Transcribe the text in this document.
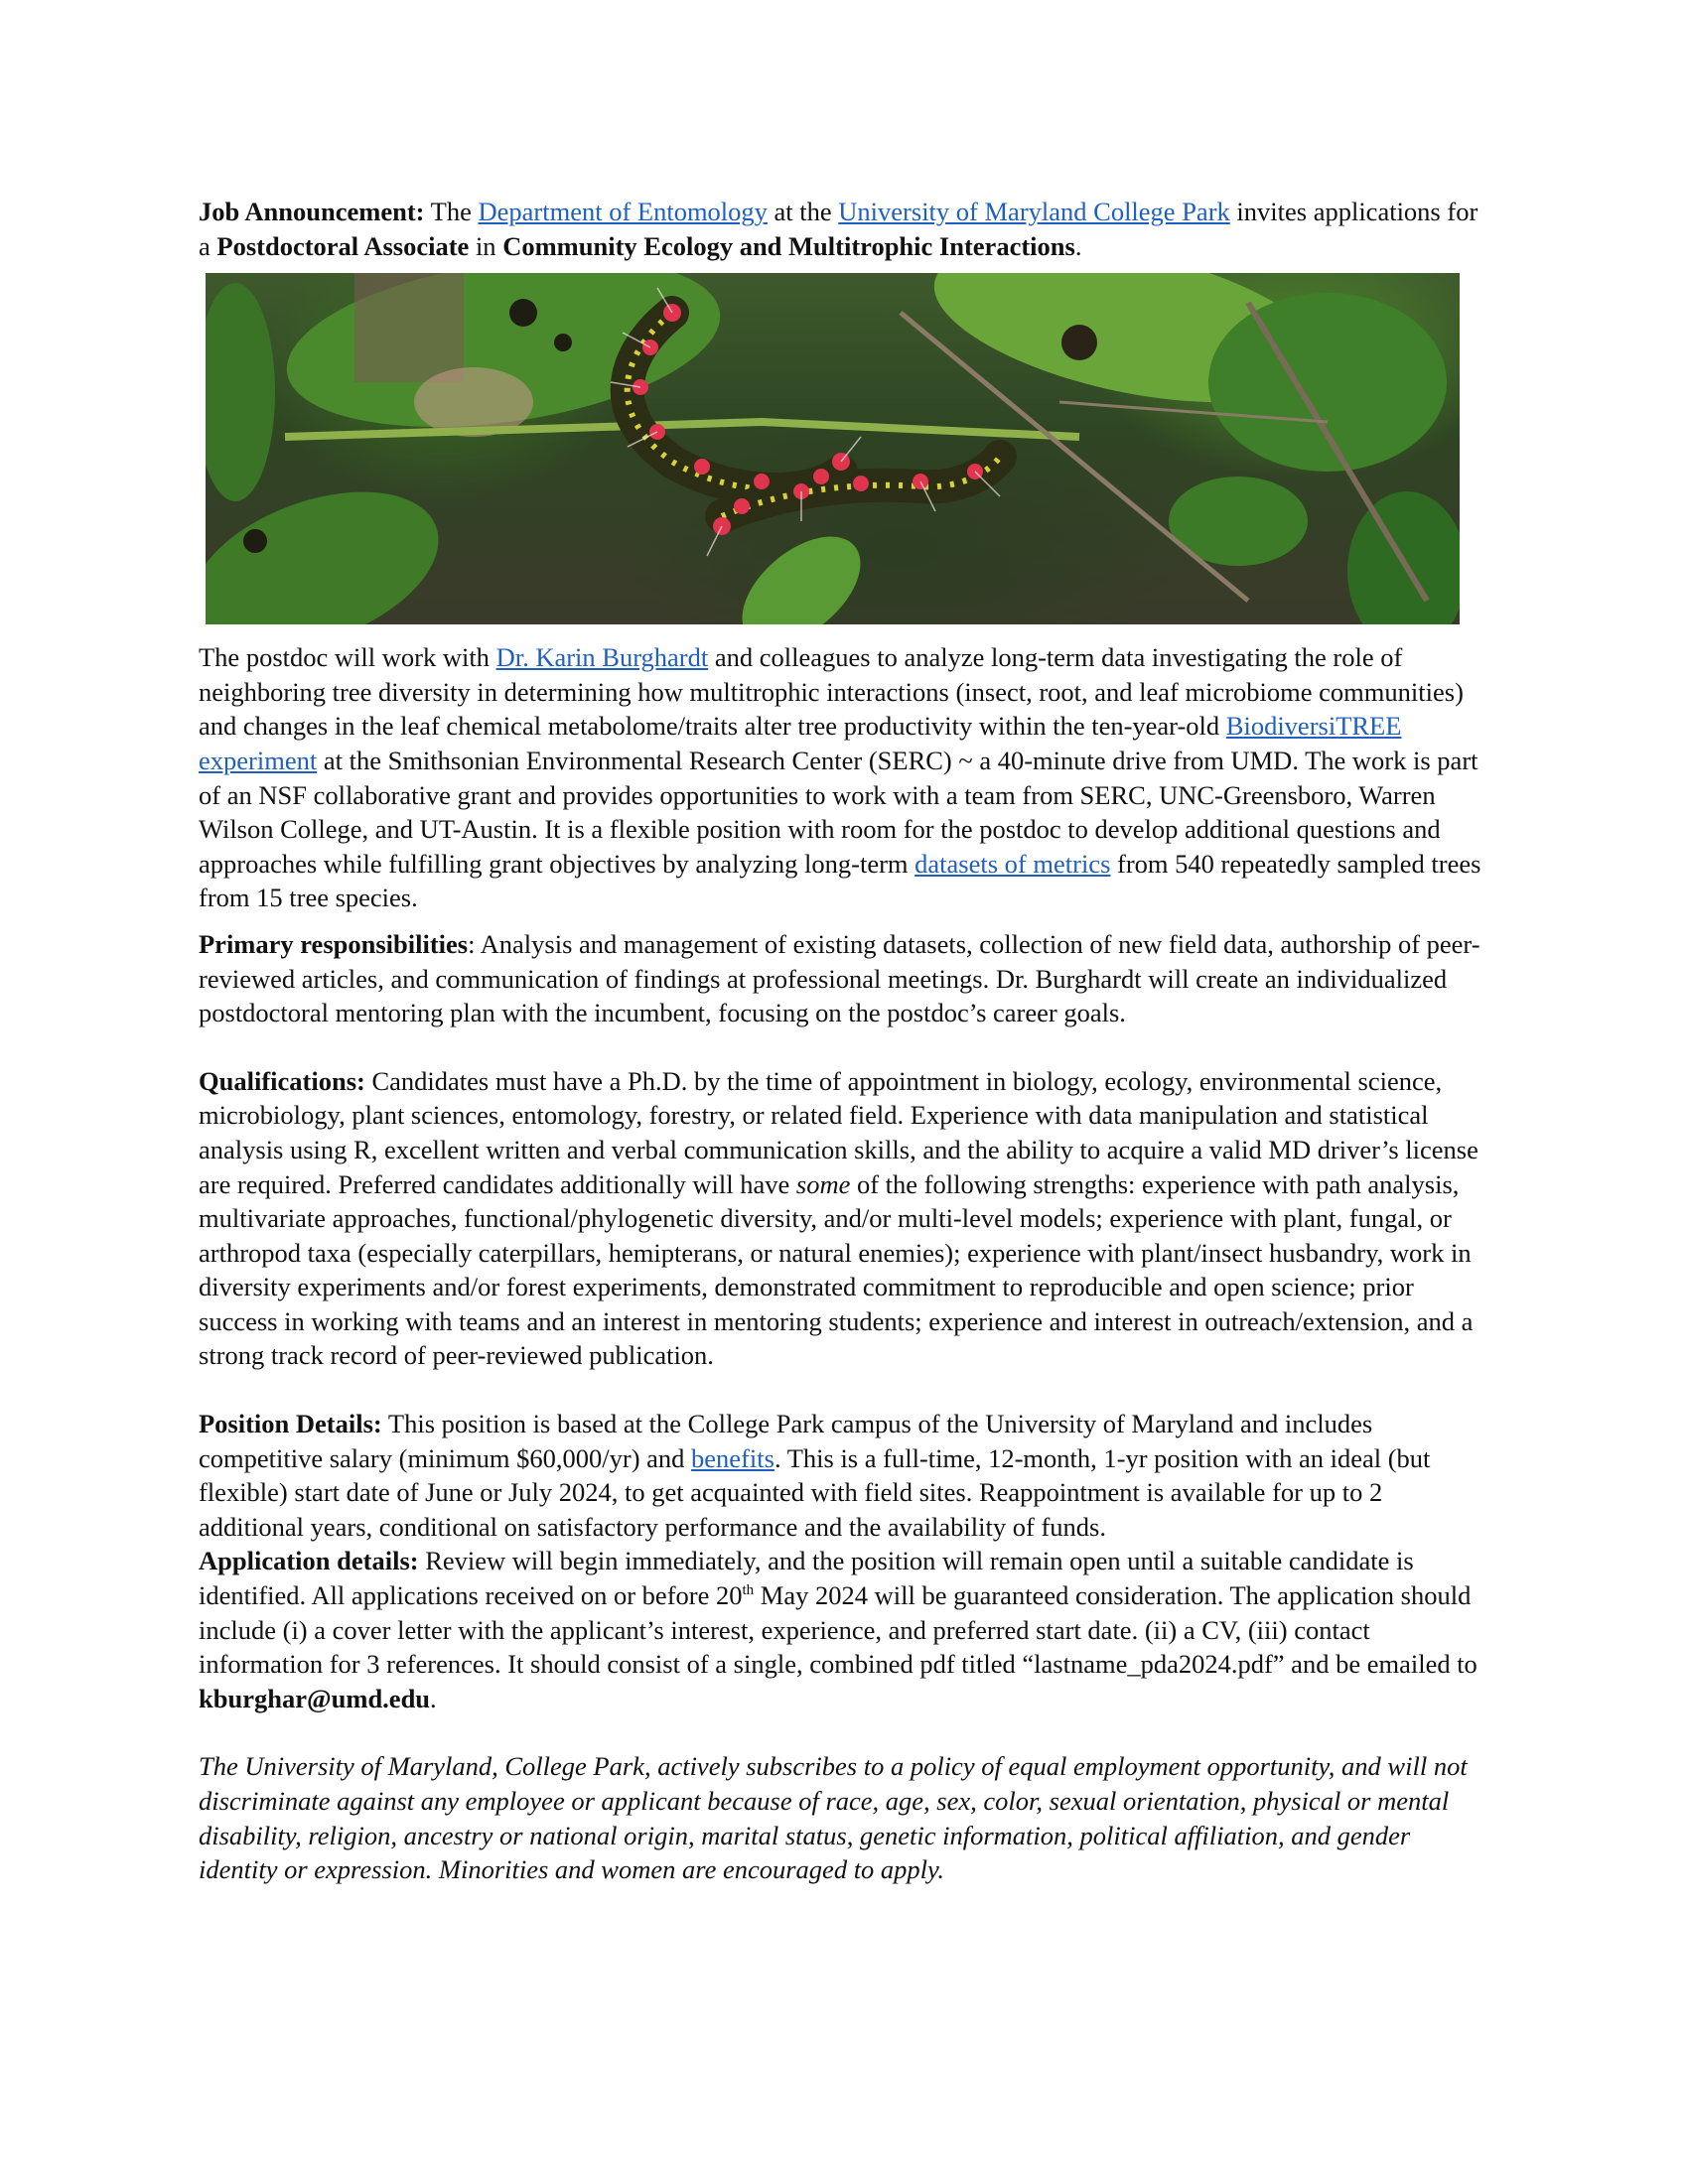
Job Announcement: The Department of Entomology at the University of Maryland College Park invites applications for a Postdoctoral Associate in Community Ecology and Multitrophic Interactions.

The postdoc will work with Dr. Karin Burghardt and colleagues to analyze long-term data investigating the role of neighboring tree diversity in determining how multitrophic interactions (insect, root, and leaf microbiome communities) and changes in the leaf chemical metabolome/traits alter tree productivity within the ten-year-old BiodiversiTREE experiment at the Smithsonian Environmental Research Center (SERC) ~ a 40-minute drive from UMD. The work is part of an NSF collaborative grant and provides opportunities to work with a team from SERC, UNC-Greensboro, Warren Wilson College, and UT-Austin. It is a flexible position with room for the postdoc to develop additional questions and approaches while fulfilling grant objectives by analyzing long-term datasets of metrics from 540 repeatedly sampled trees from 15 tree species.

Primary responsibilities: Analysis and management of existing datasets, collection of new field data, authorship of peer-reviewed articles, and communication of findings at professional meetings. Dr. Burghardt will create an individualized postdoctoral mentoring plan with the incumbent, focusing on the postdoc’s career goals.

Qualifications: Candidates must have a Ph.D. by the time of appointment in biology, ecology, environmental science, microbiology, plant sciences, entomology, forestry, or related field. Experience with data manipulation and statistical analysis using R, excellent written and verbal communication skills, and the ability to acquire a valid MD driver’s license are required. Preferred candidates additionally will have some of the following strengths: experience with path analysis, multivariate approaches, functional/phylogenetic diversity, and/or multi-level models; experience with plant, fungal, or arthropod taxa (especially caterpillars, hemipterans, or natural enemies); experience with plant/insect husbandry, work in diversity experiments and/or forest experiments, demonstrated commitment to reproducible and open science; prior success in working with teams and an interest in mentoring students; experience and interest in outreach/extension, and a strong track record of peer-reviewed publication.

Position Details: This position is based at the College Park campus of the University of Maryland and includes competitive salary (minimum $60,000/yr) and benefits. This is a full-time, 12-month, 1-yr position with an ideal (but flexible) start date of June or July 2024, to get acquainted with field sites. Reappointment is available for up to 2 additional years, conditional on satisfactory performance and the availability of funds.

Application details: Review will begin immediately, and the position will remain open until a suitable candidate is identified. All applications received on or before 20th May 2024 will be guaranteed consideration. The application should include (i) a cover letter with the applicant’s interest, experience, and preferred start date. (ii) a CV, (iii) contact information for 3 references. It should consist of a single, combined pdf titled “lastname_pda2024.pdf” and be emailed to kburghar@umd.edu.

The University of Maryland, College Park, actively subscribes to a policy of equal employment opportunity, and will not discriminate against any employee or applicant because of race, age, sex, color, sexual orientation, physical or mental disability, religion, ancestry or national origin, marital status, genetic information, political affiliation, and gender identity or expression. Minorities and women are encouraged to apply.
